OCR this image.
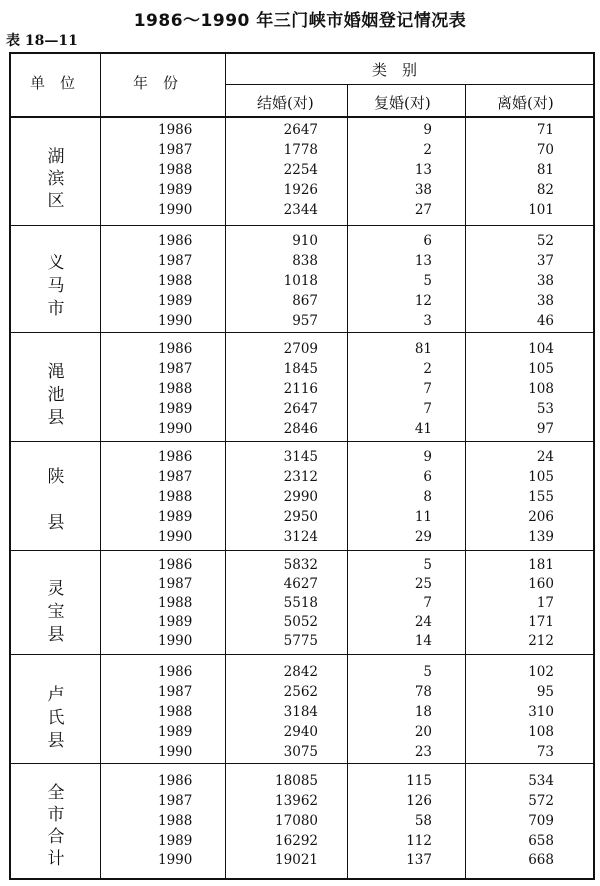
1986～1990 年三门峡市婚姻登记情况表
表 18—11
单　位	年　份
类　别
结婚(对)	复婚(对)	离婚(对)
湖
滨
区
1986	2647	9	71
1987	1778	2	70
1988	2254	13	81
1989	1926	38	82
1990	2344	27	101
义
马
市
1986	910	6	52
1987	838	13	37
1988	1018	5	38
1989	867	12	38
1990	957	3	46
渑
池
县
1986	2709	81	104
1987	1845	2	105
1988	2116	7	108
1989	2647	7	53
1990	2846	41	97
陕
县
1986	3145	9	24
1987	2312	6	105
1988	2990	8	155
1989	2950	11	206
1990	3124	29	139
灵
宝
县
1986	5832	5	181
1987	4627	25	160
1988	5518	7	17
1989	5052	24	171
1990	5775	14	212
卢
氏
县
1986	2842	5	102
1987	2562	78	95
1988	3184	18	310
1989	2940	20	108
1990	3075	23	73
全
市
合
计
1986	18085	115	534
1987	13962	126	572
1988	17080	58	709
1989	16292	112	658
1990	19021	137	668
